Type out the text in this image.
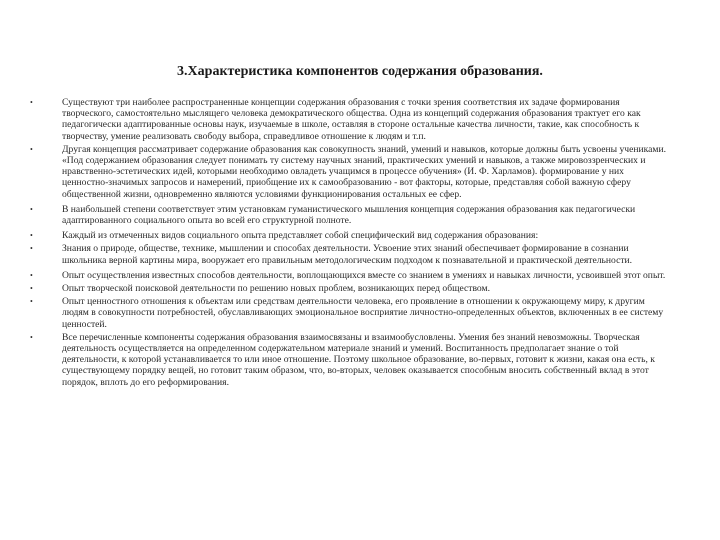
3.Характеристика компонентов содержания образования.
•	Существуют три наиболее распространенные концепции содержания образования с точки зрения соответствия их задаче формирования творческого, самостоятельно мыслящего человека демократического общества. Одна из концепций содержания образования трактует его как педагогически адаптированные основы наук, изучаемые в школе, оставляя в стороне остальные качества личности, такие, как способность к творчеству, умение реализовать свободу выбора, справедливое отношение к людям и т.п.
•	Другая концепция рассматривает содержание образования как совокупность знаний, умений и навыков, которые должны быть усвоены учениками. «Под содержанием образования следует понимать ту систему научных знаний, практических умений и навыков, а также мировоззренческих и нравственно-эстетических идей, которыми необходимо овладеть учащимся в процессе обучения» (И. Ф. Харламов). формирование у них ценностно-значимых запросов и намерений, приобщение их к самообразованию - вот факторы, которые, представляя собой важную сферу общественной жизни, одновременно являются условиями функционирования остальных ее сфер.
•	В наибольшей степени соответствует этим установкам гуманистического мышления концепция содержания образования как педагогически адаптированного социального опыта во всей его структурной полноте.
•	Каждый из отмеченных видов социального опыта представляет собой специфический вид содержания образования:
•	Знания о природе, обществе, технике, мышлении и способах деятельности. Усвоение этих знаний обеспечивает формирование в сознании школьника верной картины мира, вооружает его правильным методологическим подходом к познавательной и практической деятельности.
•	Опыт осуществления известных способов деятельности, воплощающихся вместе со знанием в умениях и навыках личности, усвоившей этот опыт.
•	Опыт творческой поисковой деятельности по решению новых проблем, возникающих перед обществом.
•	Опыт ценностного отношения к объектам или средствам деятельности человека, его проявление в отношении к окружающему миру, к другим людям в совокупности потребностей, обуславливающих эмоциональное восприятие личностно-определенных объектов, включенных в ее систему ценностей.
•	Все перечисленные компоненты содержания образования взаимосвязаны и взаимообусловлены. Умения без знаний невозможны. Творческая деятельность осуществляется на определенном содержательном материале знаний и умений. Воспитанность предполагает знание о той деятельности, к которой устанавливается то или иное отношение. Поэтому школьное образование, во-первых, готовит к жизни, какая она есть, к существующему порядку вещей, но готовит таким образом, что, во-вторых, человек оказывается способным вносить собственный вклад в этот порядок, вплоть до его реформирования.
